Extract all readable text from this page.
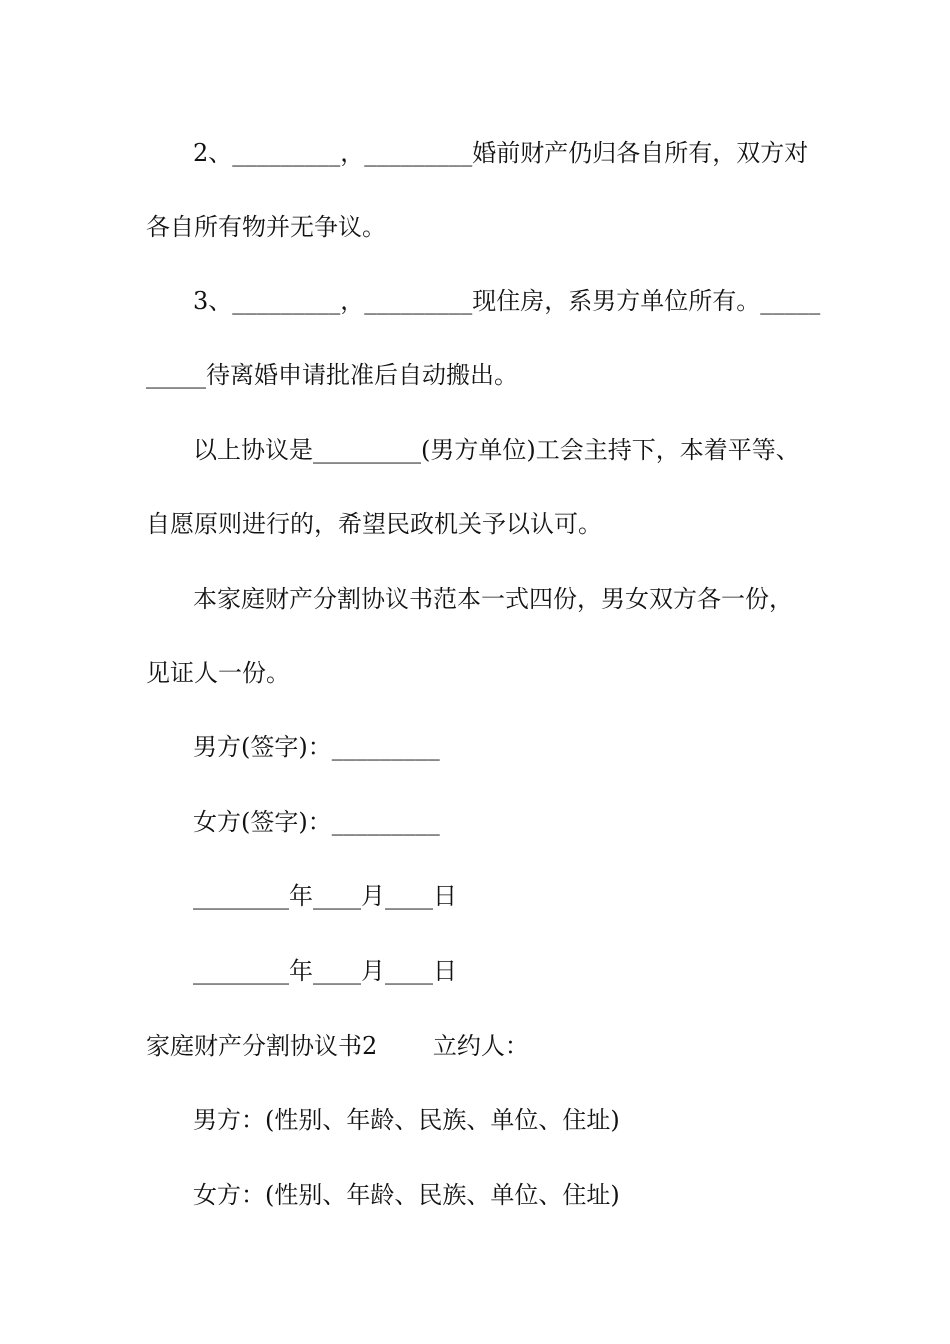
2、_________，_________婚前财产仍归各自所有，双方对
各自所有物并无争议。
3、_________，_________现住房，系男方单位所有。_____
_____待离婚申请批准后自动搬出。
以上协议是_________(男方单位)工会主持下，本着平等、
自愿原则进行的，希望民政机关予以认可。
本家庭财产分割协议书范本一式四份，男女双方各一份，
见证人一份。
男方(签字)：_________
女方(签字)：_________
________年____月____日
________年____月____日
家庭财产分割协议书2　　 立约人：
男方：(性别、年龄、民族、单位、住址)
女方：(性别、年龄、民族、单位、住址)
